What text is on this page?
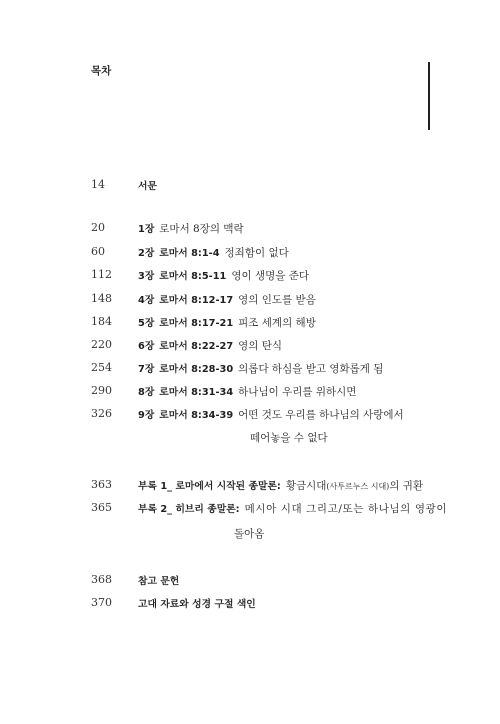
목차
14	서문
20	1장 로마서 8장의 맥락
60	2장 로마서 8:1-4 정죄함이 없다
112	3장 로마서 8:5-11 영이 생명을 준다
148	4장 로마서 8:12-17 영의 인도를 받음
184	5장 로마서 8:17-21 피조 세계의 해방
220	6장 로마서 8:22-27 영의 탄식
254	7장 로마서 8:28-30 의롭다 하심을 받고 영화롭게 됨
290	8장 로마서 8:31-34 하나님이 우리를 위하시면
326	9장 로마서 8:34-39 어떤 것도 우리를 하나님의 사랑에서
떼어놓을 수 없다
363	부록 1_ 로마에서 시작된 종말론: 황금시대(사투르누스 시대)의 귀환
365	부록 2_ 히브리 종말론: 메시아 시대 그리고/또는 하나님의 영광이
돌아옴
368	참고 문헌
370	고대 자료와 성경 구절 색인
